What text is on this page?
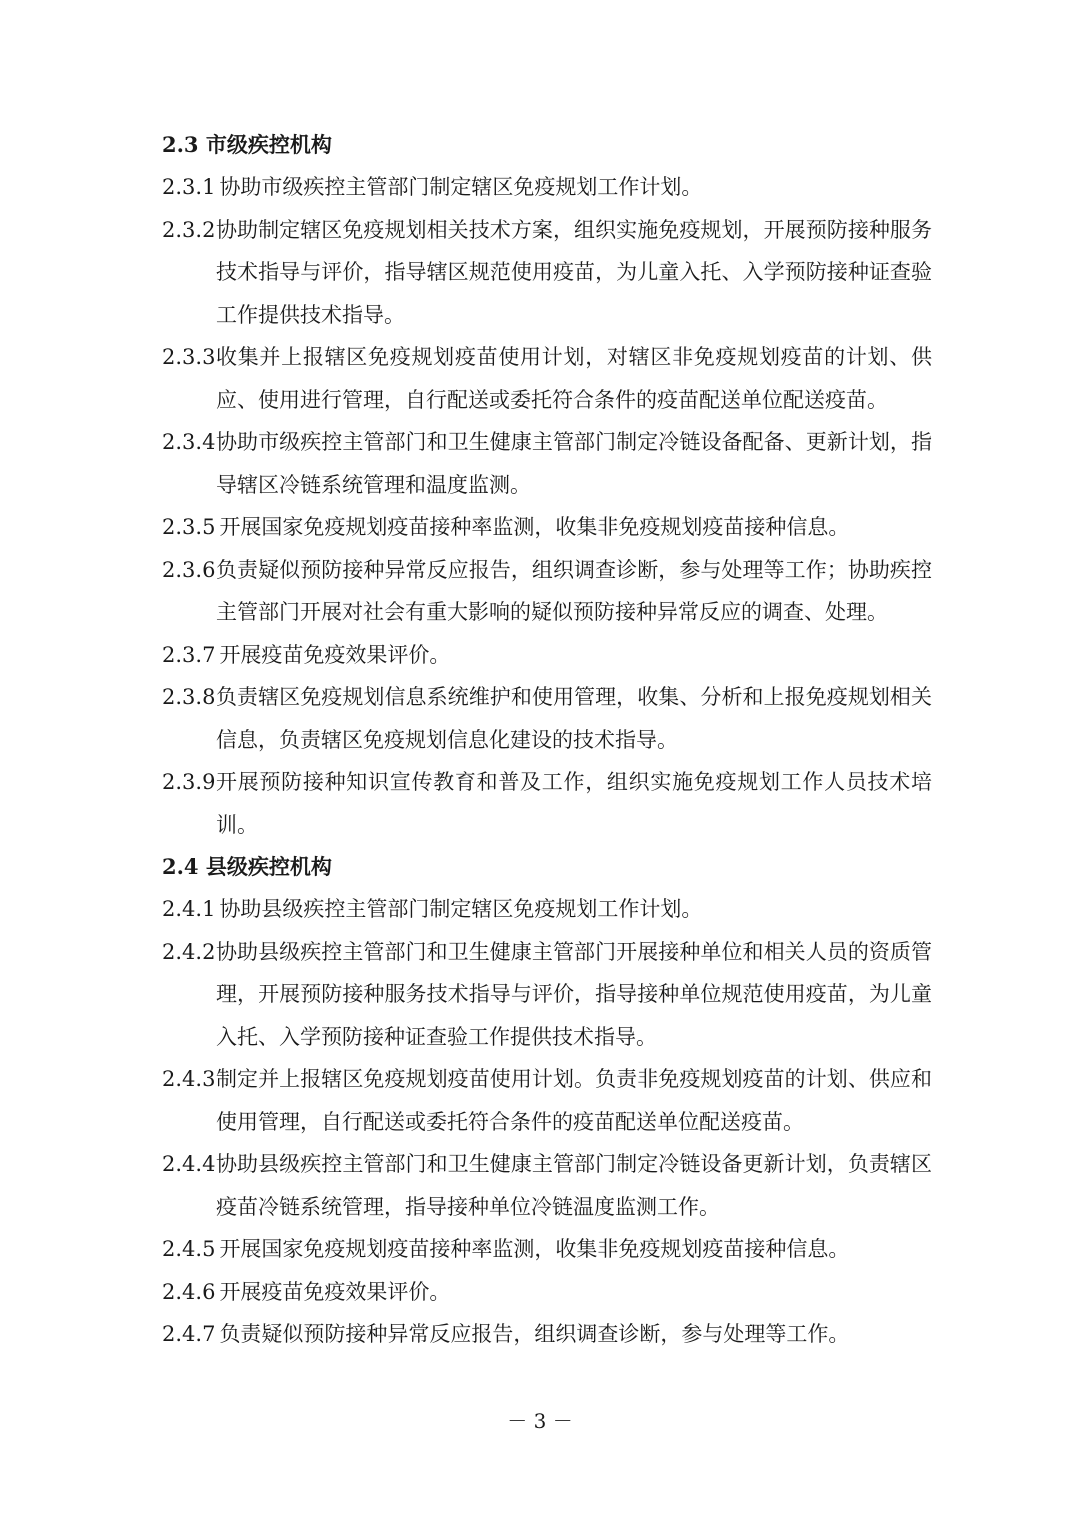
2.3 市级疾控机构
2.3.1 协助市级疾控主管部门制定辖区免疫规划工作计划。
2.3.2 协助制定辖区免疫规划相关技术方案，组织实施免疫规划，开展预防接种服务技术指导与评价，指导辖区规范使用疫苗，为儿童入托、入学预防接种证查验工作提供技术指导。
2.3.3 收集并上报辖区免疫规划疫苗使用计划，对辖区非免疫规划疫苗的计划、供应、使用进行管理，自行配送或委托符合条件的疫苗配送单位配送疫苗。
2.3.4 协助市级疾控主管部门和卫生健康主管部门制定冷链设备配备、更新计划，指导辖区冷链系统管理和温度监测。
2.3.5 开展国家免疫规划疫苗接种率监测，收集非免疫规划疫苗接种信息。
2.3.6 负责疑似预防接种异常反应报告，组织调查诊断，参与处理等工作；协助疾控主管部门开展对社会有重大影响的疑似预防接种异常反应的调查、处理。
2.3.7 开展疫苗免疫效果评价。
2.3.8 负责辖区免疫规划信息系统维护和使用管理，收集、分析和上报免疫规划相关信息，负责辖区免疫规划信息化建设的技术指导。
2.3.9 开展预防接种知识宣传教育和普及工作，组织实施免疫规划工作人员技术培训。
2.4 县级疾控机构
2.4.1 协助县级疾控主管部门制定辖区免疫规划工作计划。
2.4.2 协助县级疾控主管部门和卫生健康主管部门开展接种单位和相关人员的资质管理，开展预防接种服务技术指导与评价，指导接种单位规范使用疫苗，为儿童入托、入学预防接种证查验工作提供技术指导。
2.4.3 制定并上报辖区免疫规划疫苗使用计划。负责非免疫规划疫苗的计划、供应和使用管理，自行配送或委托符合条件的疫苗配送单位配送疫苗。
2.4.4 协助县级疾控主管部门和卫生健康主管部门制定冷链设备更新计划，负责辖区疫苗冷链系统管理，指导接种单位冷链温度监测工作。
2.4.5 开展国家免疫规划疫苗接种率监测，收集非免疫规划疫苗接种信息。
2.4.6 开展疫苗免疫效果评价。
2.4.7 负责疑似预防接种异常反应报告，组织调查诊断，参与处理等工作。
－ 3 －
